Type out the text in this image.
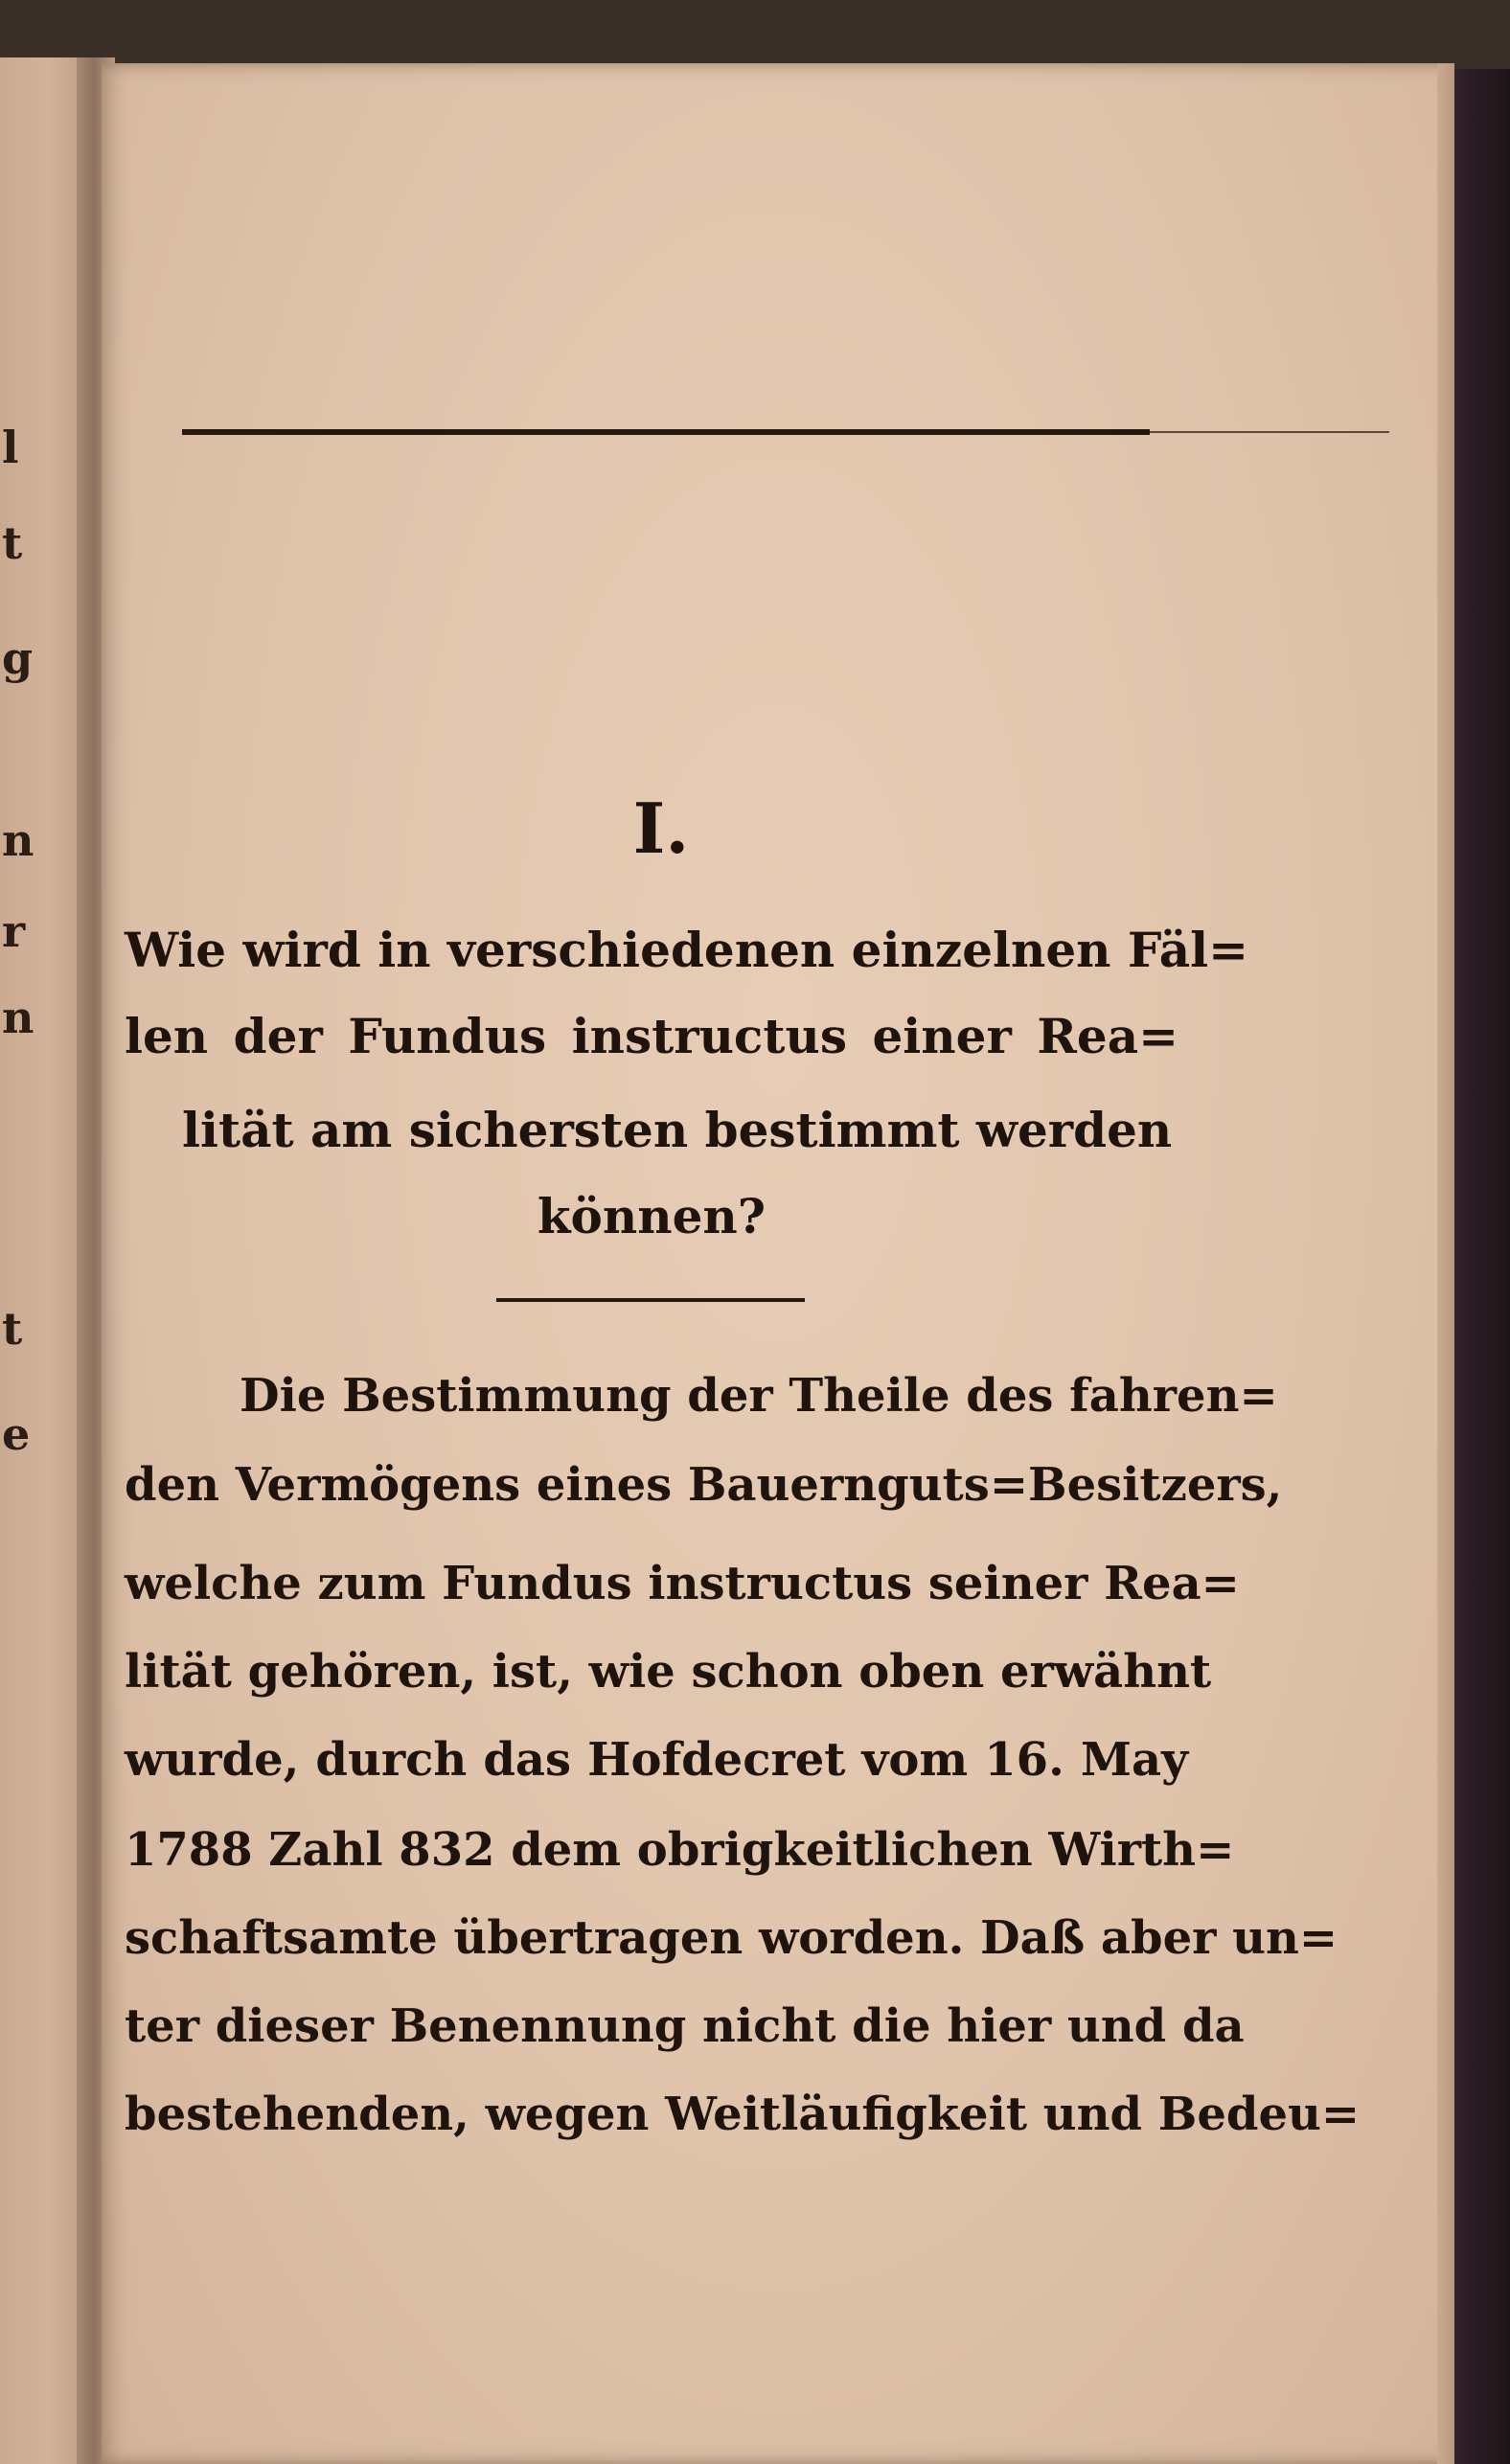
l
t
g
n
r
n
t
e
I.
Wie wird in verschiedenen einzelnen Fäl=
len der Fundus instructus einer Rea=
lität am sichersten bestimmt werden
können?

Die Bestimmung der Theile des fahren=

den Vermögens eines Bauernguts=Besitzers,

welche zum Fundus instructus seiner Rea=

lität gehören, ist, wie schon oben erwähnt

wurde, durch das Hofdecret vom 16. May

1788 Zahl 832 dem obrigkeitlichen Wirth=

schaftsamte übertragen worden. Daß aber un=

ter dieser Benennung nicht die hier und da

bestehenden, wegen Weitläufigkeit und Bedeu=
